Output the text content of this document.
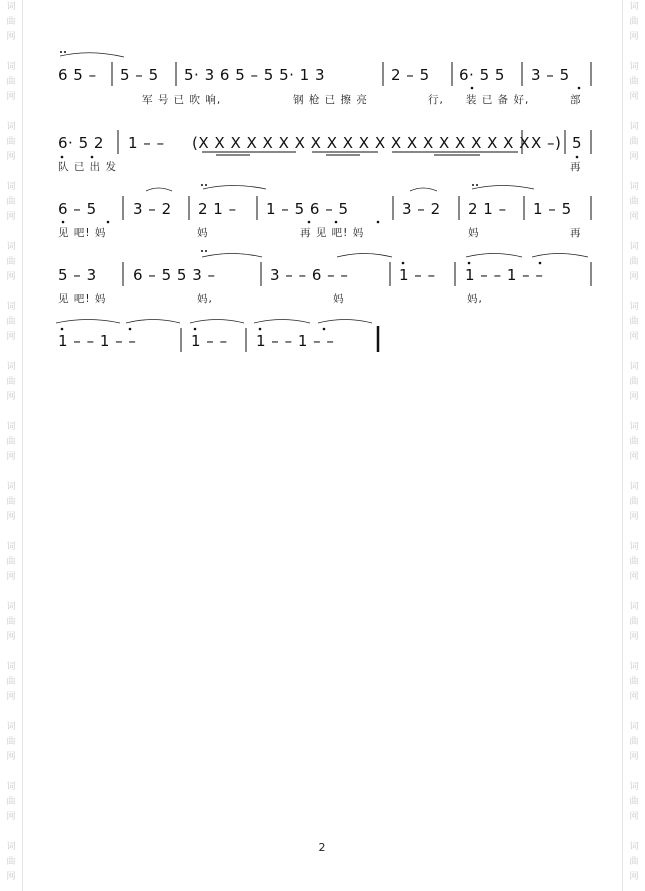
词
曲
网
词
曲
网
词
曲
网
词
曲
网
词
曲
网
词
曲
网
词
曲
网
词
曲
网
词
曲
网
词
曲
网
词
曲
网
词
曲
网
词
曲
网
词
曲
网
词
曲
网
词
曲
网
词
曲
网
词
曲
网
词
曲
网
词
曲
网
词
曲
网
词
曲
网
词
曲
网
词
曲
网
词
曲
网
词
曲
网
词
曲
网
词
曲
网
词
曲
网
词
曲
网
6 5 – 5 – 5 5· 3 6 5 – 5 5· 1 3	2 – 5 6· 5 5 3 – 5
军 号 已 吹 响,	钢 枪 已 擦 亮	行, 装 已 备 好,	部
6· 5 2 1 – – (X X X X X X X X X X X X X X X X X X X X X X –) 5
队 已 出 发	再
6 – 5 3 – 2 2 1 – 1 – 5 6 – 5	3 – 2 2 1 – 1 – 5
见 吧! 妈	妈	再 见 吧! 妈	妈	再
5 – 3 6 – 5 5 3 –	3 – – 6 – –	1 – – 1 – – 1 – –
见 吧! 妈	妈,	妈	妈,
1 – – 1 – –	1 – – 1 – – 1 – –
2
